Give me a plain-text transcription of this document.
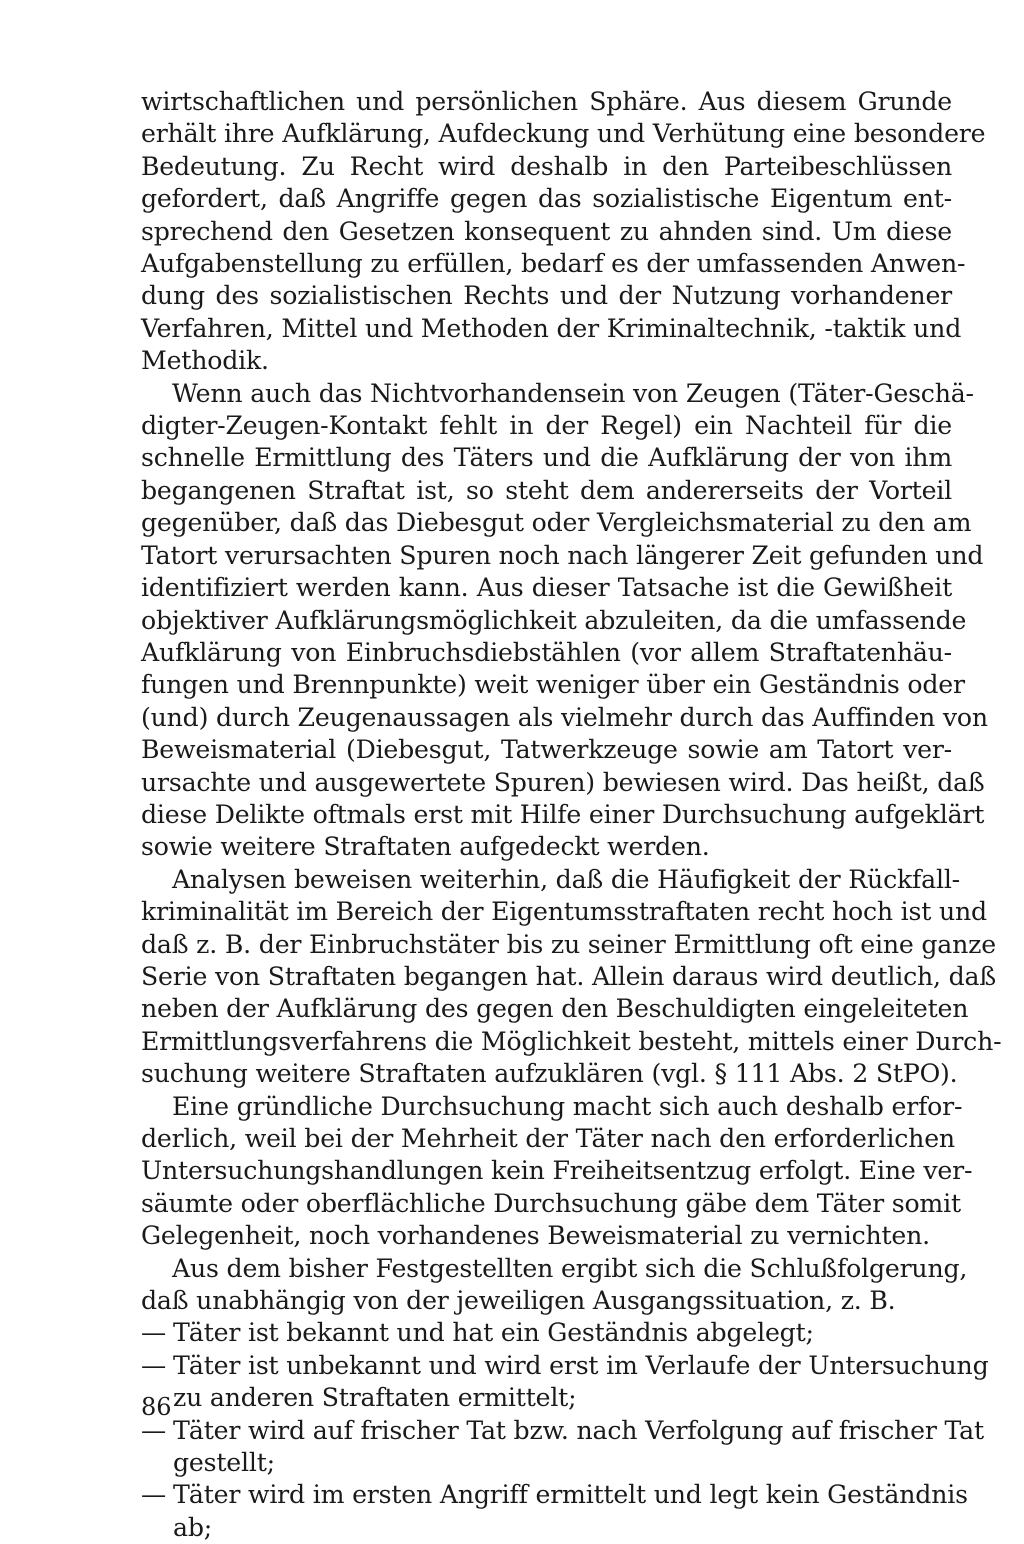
wirtschaftlichen und persönlichen Sphäre. Aus diesem Grunde
erhält ihre Aufklärung, Aufdeckung und Verhütung eine besondere
Bedeutung. Zu Recht wird deshalb in den Parteibeschlüssen
gefordert, daß Angriffe gegen das sozialistische Eigentum ent-
sprechend den Gesetzen konsequent zu ahnden sind. Um diese
Aufgabenstellung zu erfüllen, bedarf es der umfassenden Anwen-
dung des sozialistischen Rechts und der Nutzung vorhandener
Verfahren, Mittel und Methoden der Kriminaltechnik, -taktik und
Methodik.
Wenn auch das Nichtvorhandensein von Zeugen (Täter-Geschä-
digter-Zeugen-Kontakt fehlt in der Regel) ein Nachteil für die
schnelle Ermittlung des Täters und die Aufklärung der von ihm
begangenen Straftat ist, so steht dem andererseits der Vorteil
gegenüber, daß das Diebesgut oder Vergleichsmaterial zu den am
Tatort verursachten Spuren noch nach längerer Zeit gefunden und
identifiziert werden kann. Aus dieser Tatsache ist die Gewißheit
objektiver Aufklärungsmöglichkeit abzuleiten, da die umfassende
Aufklärung von Einbruchsdiebstählen (vor allem Straftatenhäu-
fungen und Brennpunkte) weit weniger über ein Geständnis oder
(und) durch Zeugenaussagen als vielmehr durch das Auffinden von
Beweismaterial (Diebesgut, Tatwerkzeuge sowie am Tatort ver-
ursachte und ausgewertete Spuren) bewiesen wird. Das heißt, daß
diese Delikte oftmals erst mit Hilfe einer Durchsuchung aufgeklärt
sowie weitere Straftaten aufgedeckt werden.
Analysen beweisen weiterhin, daß die Häufigkeit der Rückfall-
kriminalität im Bereich der Eigentumsstraftaten recht hoch ist und
daß z. B. der Einbruchstäter bis zu seiner Ermittlung oft eine ganze
Serie von Straftaten begangen hat. Allein daraus wird deutlich, daß
neben der Aufklärung des gegen den Beschuldigten eingeleiteten
Ermittlungsverfahrens die Möglichkeit besteht, mittels einer Durch-
suchung weitere Straftaten aufzuklären (vgl. § 111 Abs. 2 StPO).
Eine gründliche Durchsuchung macht sich auch deshalb erfor-
derlich, weil bei der Mehrheit der Täter nach den erforderlichen
Untersuchungshandlungen kein Freiheitsentzug erfolgt. Eine ver-
säumte oder oberflächliche Durchsuchung gäbe dem Täter somit
Gelegenheit, noch vorhandenes Beweismaterial zu vernichten.
Aus dem bisher Festgestellten ergibt sich die Schlußfolgerung,
daß unabhängig von der jeweiligen Ausgangssituation, z. B.
— Täter ist bekannt und hat ein Geständnis abgelegt;
— Täter ist unbekannt und wird erst im Verlaufe der Untersuchung
zu anderen Straftaten ermittelt;
— Täter wird auf frischer Tat bzw. nach Verfolgung auf frischer Tat
gestellt;
— Täter wird im ersten Angriff ermittelt und legt kein Geständnis
ab;
86
